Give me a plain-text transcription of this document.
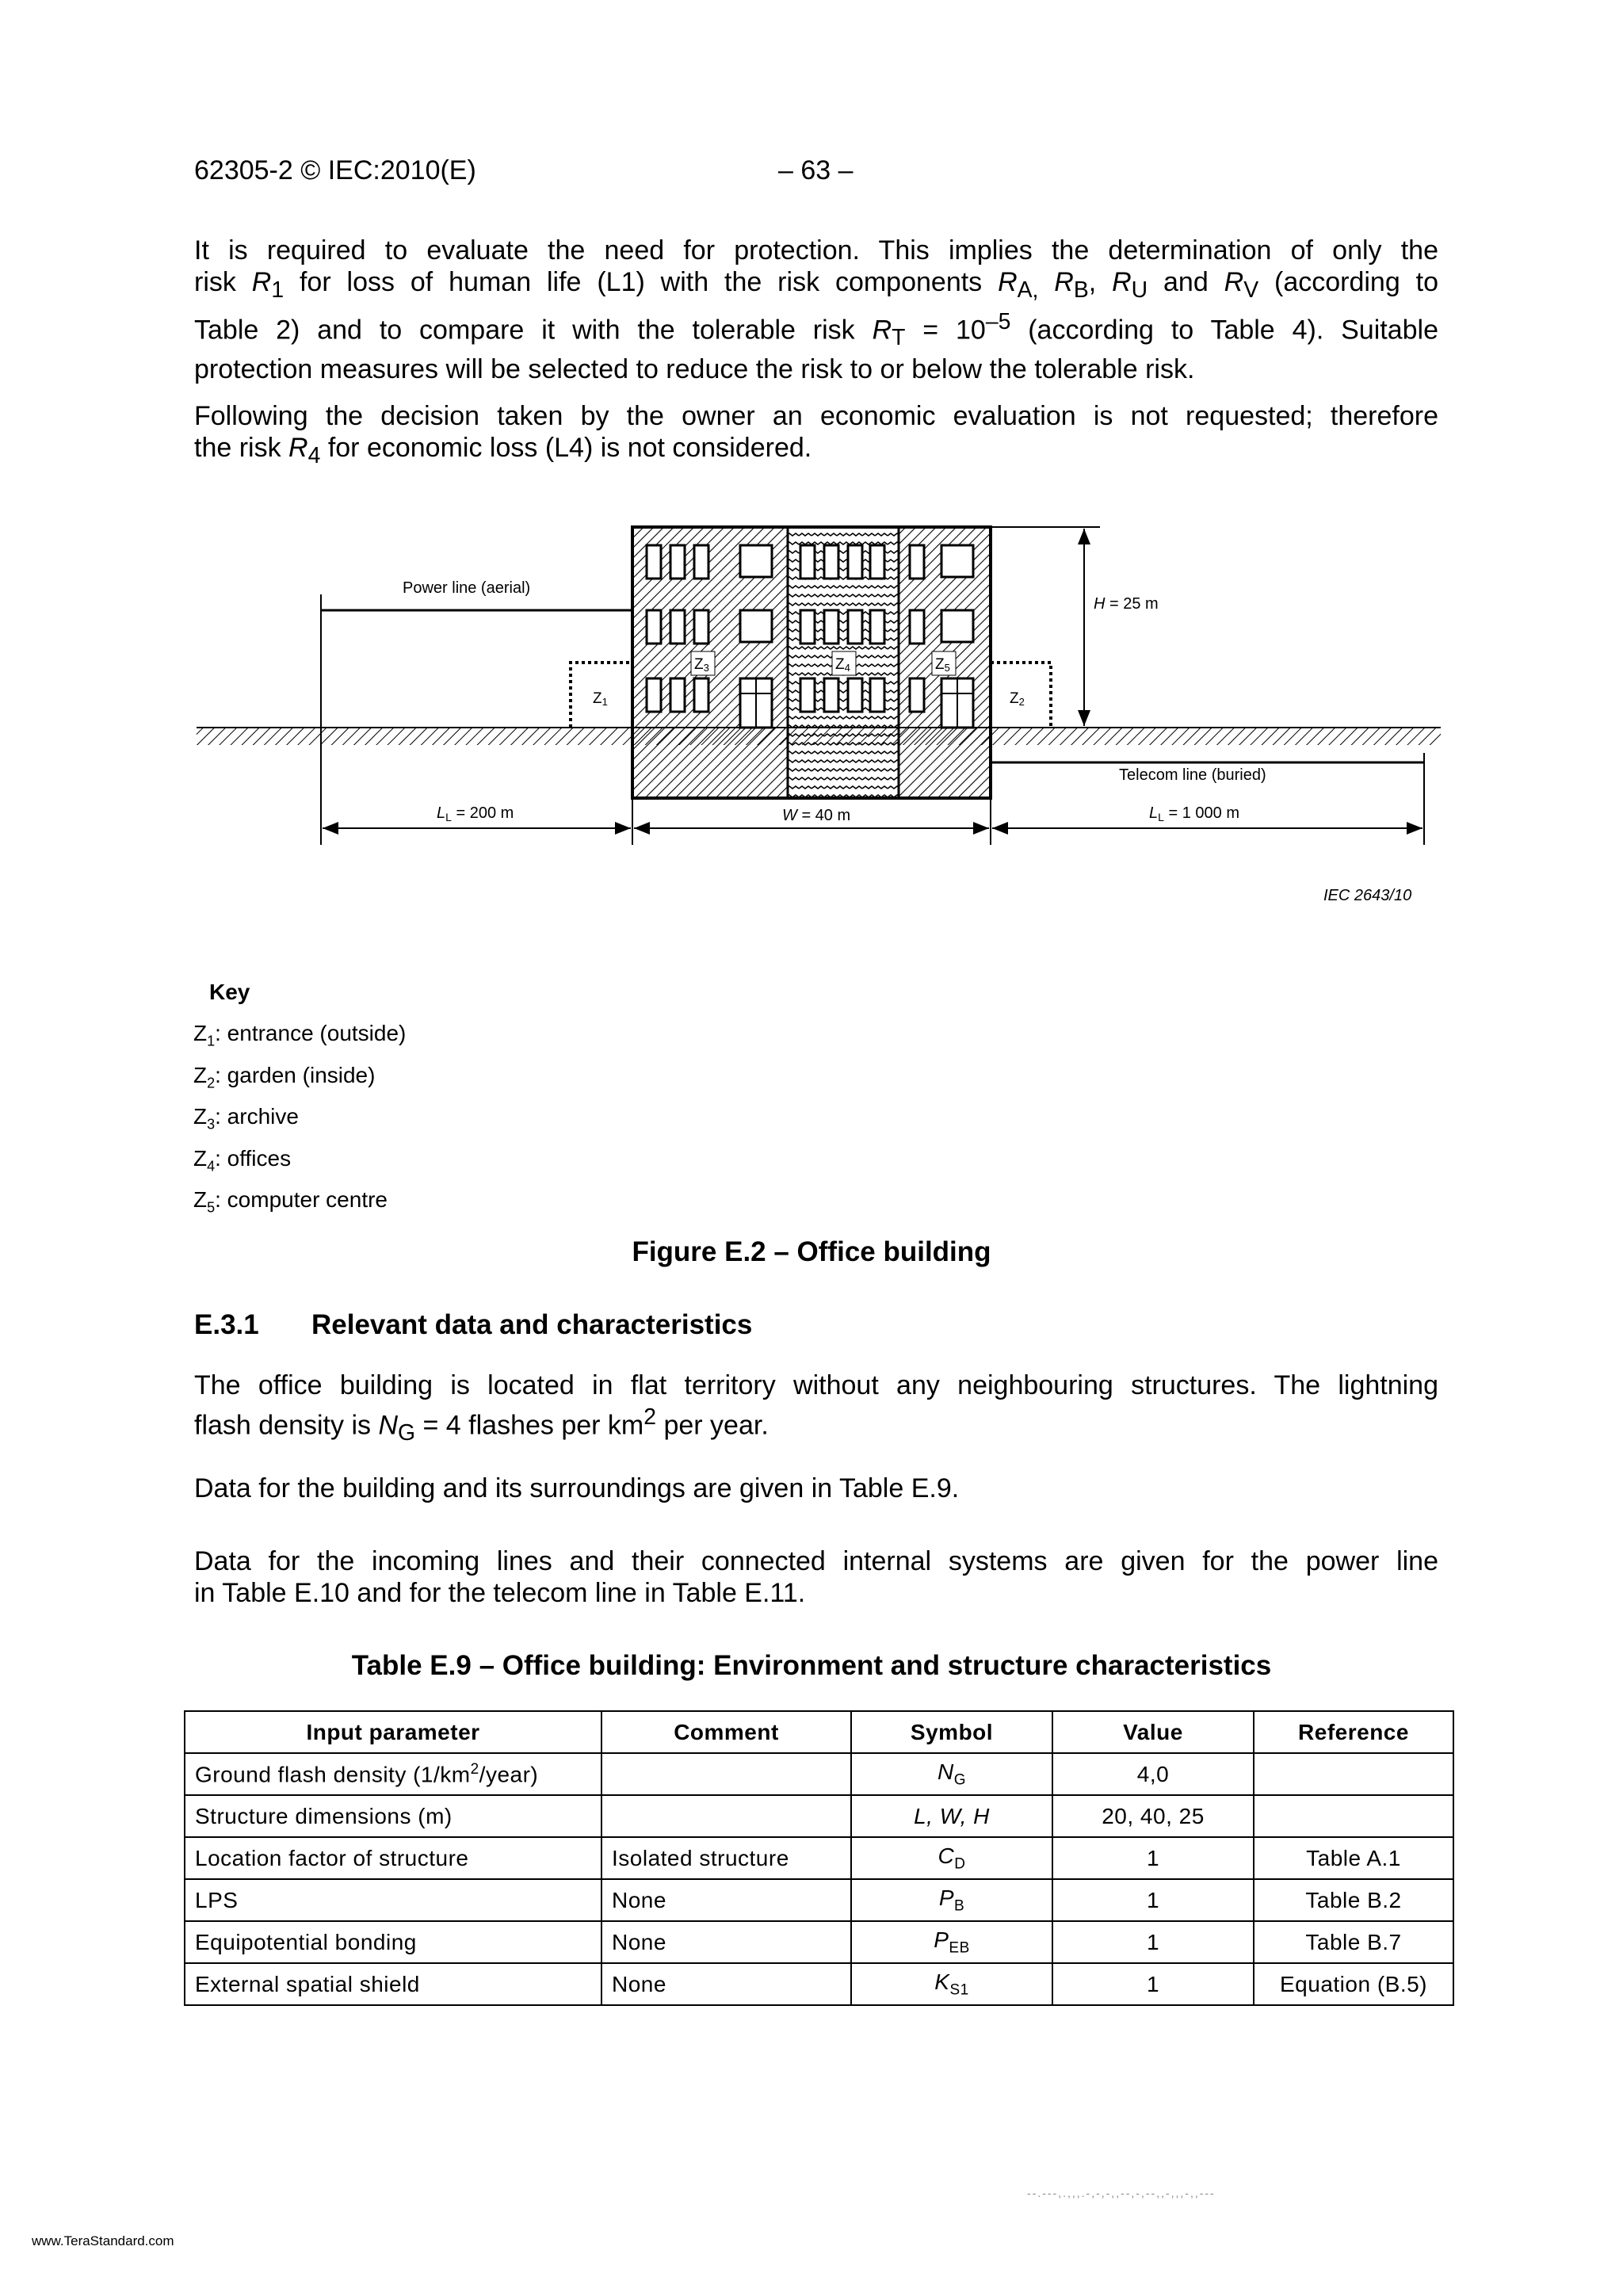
62305-2 © IEC:2010(E)	– 63 –
It is required to evaluate the need for protection. This implies the determination of only the
risk $R_1$ for loss of human life (L1) with the risk components $R_{A,}$ $R_B$, $R_U$ and $R_V$ (according to
Table 2) and to compare it with the tolerable risk $R_T = 10^{-5}$ (according to Table 4). Suitable
protection measures will be selected to reduce the risk to or below the tolerable risk.
Following the decision taken by the owner an economic evaluation is not requested; therefore
the risk $R_4$ for economic loss (L4) is not considered.
Z3	Z4	Z5
Z1	Z2
Power line (aerial)
Telecom line (buried)
H = 25 m
$L_L = 200$ m	W = 40 m	$L_L = 1$ 000 m
IEC 2643/10
Key
$Z_1$: entrance (outside)
$Z_2$: garden (inside)
$Z_3$: archive
$Z_4$: offices
$Z_5$: computer centre
Figure E.2 – Office building
E.3.1 Relevant data and characteristics
The office building is located in flat territory without any neighbouring structures. The lightning
flash density is $N_G = 4$ flashes per $km^2$ per year.
Data for the building and its surroundings are given in Table E.9.
Data for the incoming lines and their connected internal systems are given for the power line
in Table E.10 and for the telecom line in Table E.11.
Table E.9 – Office building: Environment and structure characteristics
Input parameter	Comment	Symbol	Value	Reference
Ground flash density $(1/km^2/year)$		$N_G$	4,0	
Structure dimensions (m)		L, W, H	20, 40, 25	
Location factor of structure	Isolated structure	$C_D$	1	Table A.1
LPS	None	$P_B$	1	Table B.2
Equipotential bonding	None	$P_{EB}$	1	Table B.7
External spatial shield	None	$K_{S1}$	1	Equation (B.5)
--.---,.,,,.-,-,-,,--,-,--,,-,,,-,,---
www.TeraStandard.com
